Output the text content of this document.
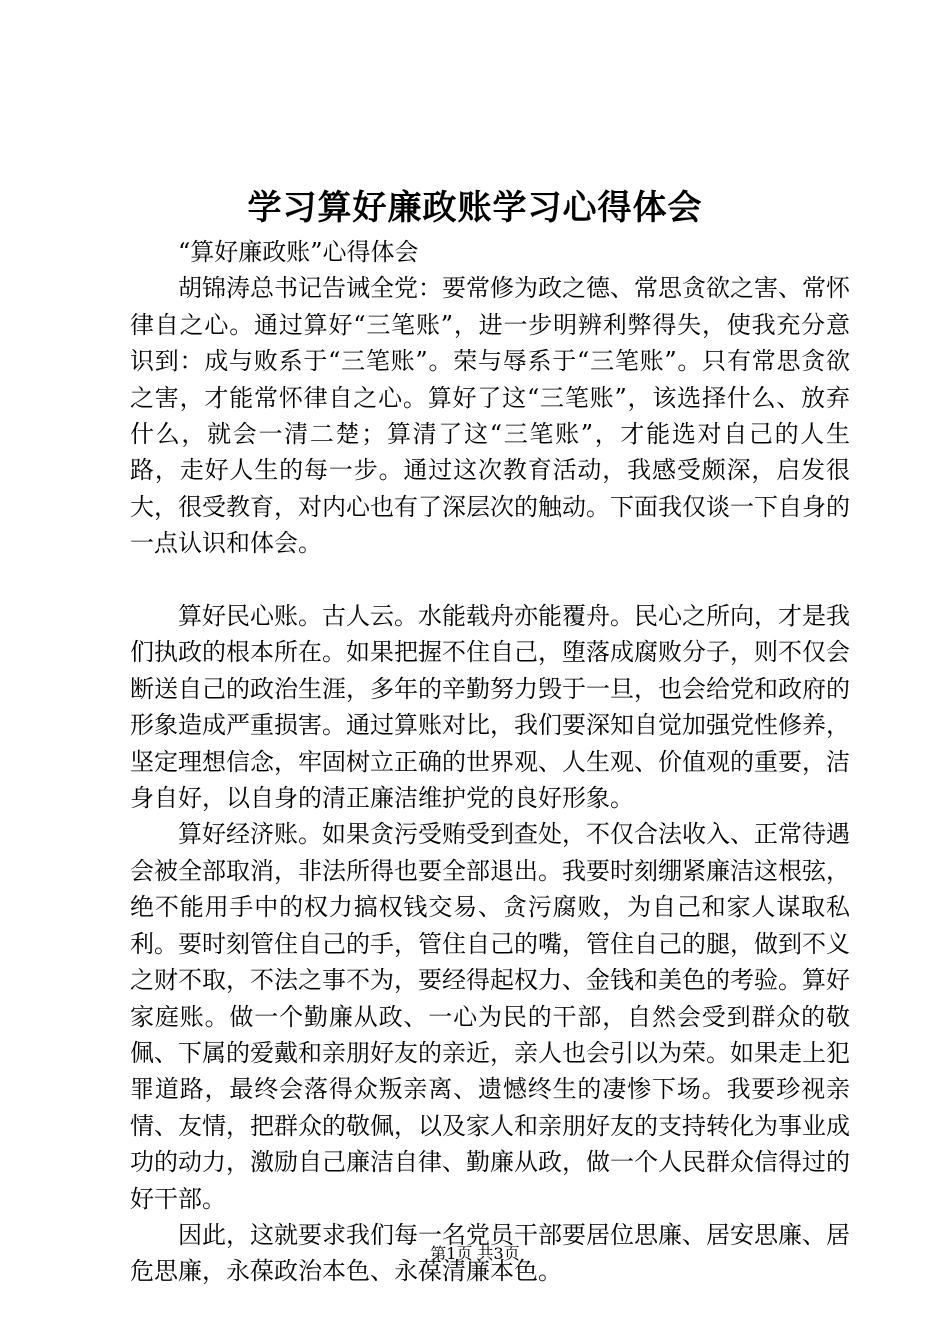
学习算好廉政账学习心得体会

“算好廉政账”心得体会

胡锦涛总书记告诫全党：要常修为政之德、常思贪欲之害、常怀律自之心。通过算好“三笔账”，进一步明辨利弊得失，使我充分意识到：成与败系于“三笔账”。荣与辱系于“三笔账”。只有常思贪欲之害，才能常怀律自之心。算好了这“三笔账”，该选择什么、放弃什么，就会一清二楚；算清了这“三笔账”，才能选对自己的人生路，走好人生的每一步。通过这次教育活动，我感受颇深，启发很大，很受教育，对内心也有了深层次的触动。下面我仅谈一下自身的一点认识和体会。

算好民心账。古人云。水能载舟亦能覆舟。民心之所向，才是我们执政的根本所在。如果把握不住自己，堕落成腐败分子，则不仅会断送自己的政治生涯，多年的辛勤努力毁于一旦，也会给党和政府的形象造成严重损害。通过算账对比，我们要深知自觉加强党性修养，坚定理想信念，牢固树立正确的世界观、人生观、价值观的重要，洁身自好，以自身的清正廉洁维护党的良好形象。

算好经济账。如果贪污受贿受到查处，不仅合法收入、正常待遇会被全部取消，非法所得也要全部退出。我要时刻绷紧廉洁这根弦，绝不能用手中的权力搞权钱交易、贪污腐败，为自己和家人谋取私利。要时刻管住自己的手，管住自己的嘴，管住自己的腿，做到不义之财不取，不法之事不为，要经得起权力、金钱和美色的考验。算好家庭账。做一个勤廉从政、一心为民的干部，自然会受到群众的敬佩、下属的爱戴和亲朋好友的亲近，亲人也会引以为荣。如果走上犯罪道路，最终会落得众叛亲离、遗憾终生的凄惨下场。我要珍视亲情、友情，把群众的敬佩，以及家人和亲朋好友的支持转化为事业成功的动力，激励自己廉洁自律、勤廉从政，做一个人民群众信得过的好干部。

因此，这就要求我们每一名党员干部要居位思廉、居安思廉、居危思廉，永葆政治本色、永葆清廉本色。

第1页 共3页
